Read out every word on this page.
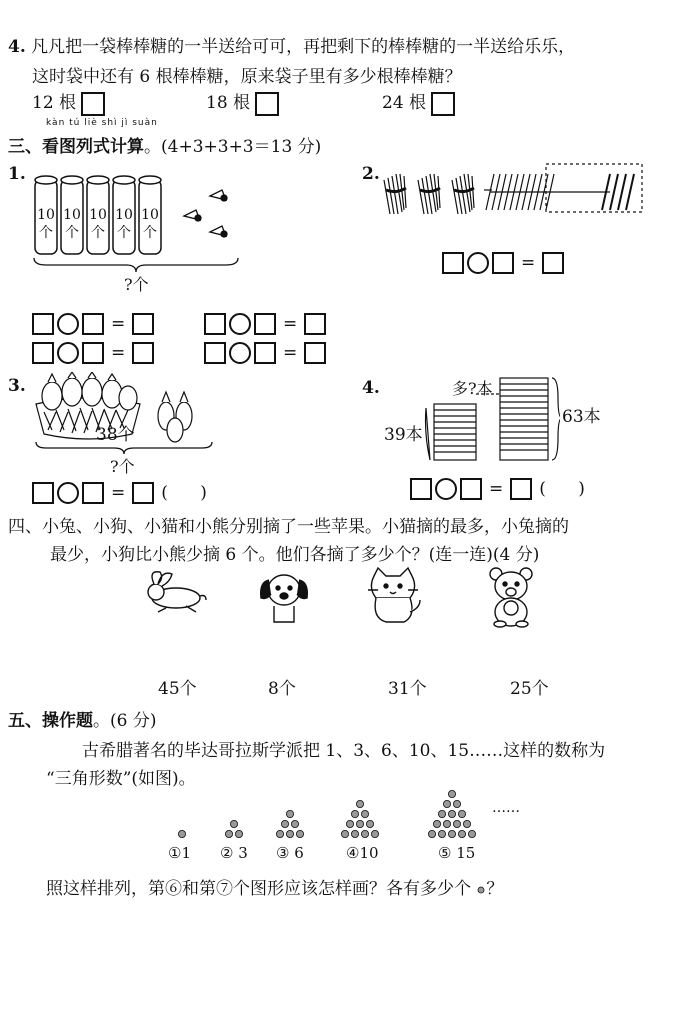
4. 凡凡把一袋棒棒糖的一半送给可可，再把剩下的棒棒糖的一半送给乐乐，
这时袋中还有 6 根棒棒糖，原来袋子里有多少根棒棒糖？
12 根	18 根	24 根
kàn tú liè shì jì suàn
三、看图列式计算。(4+3+3+3＝13 分)
1.
10
个
10
个
10
个
10
个
10
个
?个
=
=
=
=
2.
=
3.
38个
?个
= (      )
4.	多?本
39本
63本
= (      )
四、小兔、小狗、小猫和小熊分别摘了一些苹果。小猫摘的最多，小兔摘的
最少，小狗比小熊少摘 6 个。他们各摘了多少个？(连一连)(4 分)
45个	8个	31个	25个
五、操作题。(6 分)
古希腊著名的毕达哥拉斯学派把 1、3、6、10、15……这样的数称为
“三角形数”(如图)。
①1 ② 3 ③ 6	④10	⑤ 15
……
照这样排列，第⑥和第⑦个图形应该怎样画？各有多少个 ？
